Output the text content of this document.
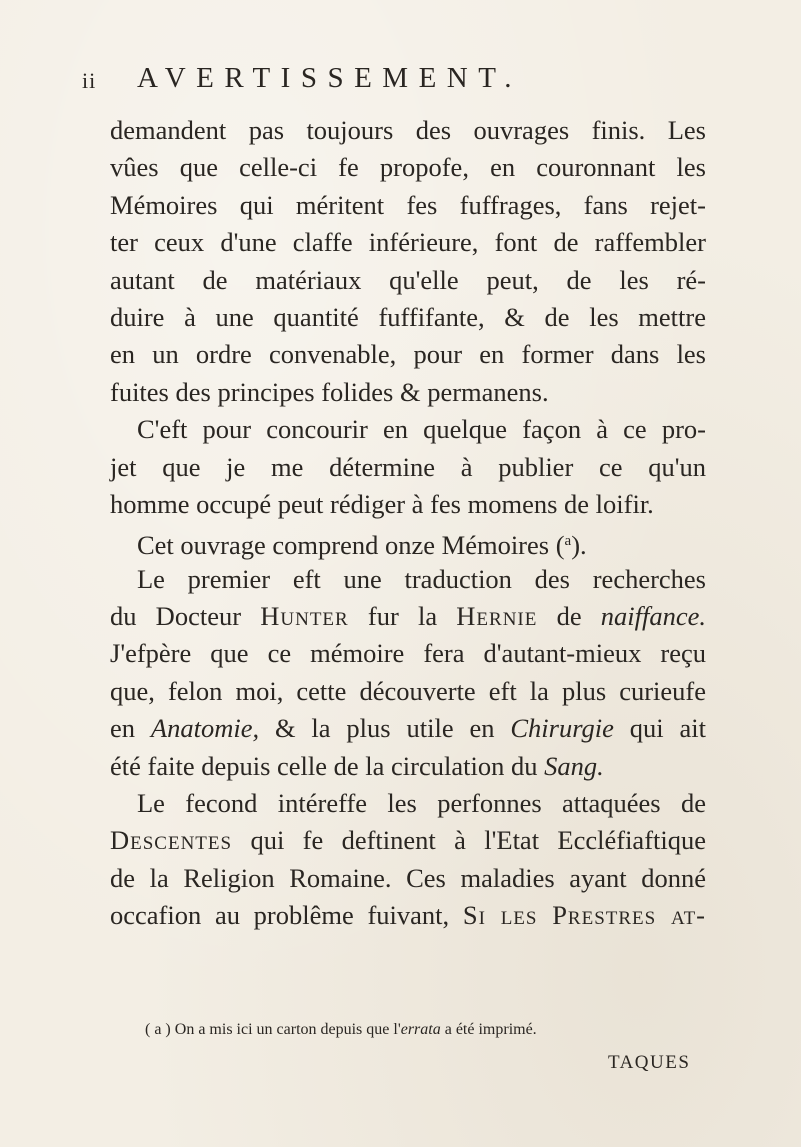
ii AVERTISSEMENT.
demandent pas toujours des ouvrages finis. Les
vûes que celle-ci fe propofe, en couronnant les
Mémoires qui méritent fes fuffrages, fans rejet-
ter ceux d'une claffe inférieure, font de raffembler
autant de matériaux qu'elle peut, de les ré-
duire à une quantité fuffifante, & de les mettre
en un ordre convenable, pour en former dans les
fuites des principes folides & permanens.
C'eft pour concourir en quelque façon à ce pro-
jet que je me détermine à publier ce qu'un
homme occupé peut rédiger à fes momens de loifir.
Cet ouvrage comprend onze Mémoires ($^a$).
Le premier eft une traduction des recherches
du Docteur Hunter fur la Hernie de naiffance.
J'efpère que ce mémoire fera d'autant-mieux reçu
que, felon moi, cette découverte eft la plus curieufe
en Anatomie, & la plus utile en Chirurgie qui ait
été faite depuis celle de la circulation du Sang.
Le fecond intéreffe les perfonnes attaquées de
Descentes qui fe deftinent à l'Etat Eccléfiaftique
de la Religion Romaine. Ces maladies ayant donné
occafion au problême fuivant, Si les Prestres at-
( a ) On a mis ici un carton depuis que l'errata a été imprimé.
TAQUES
